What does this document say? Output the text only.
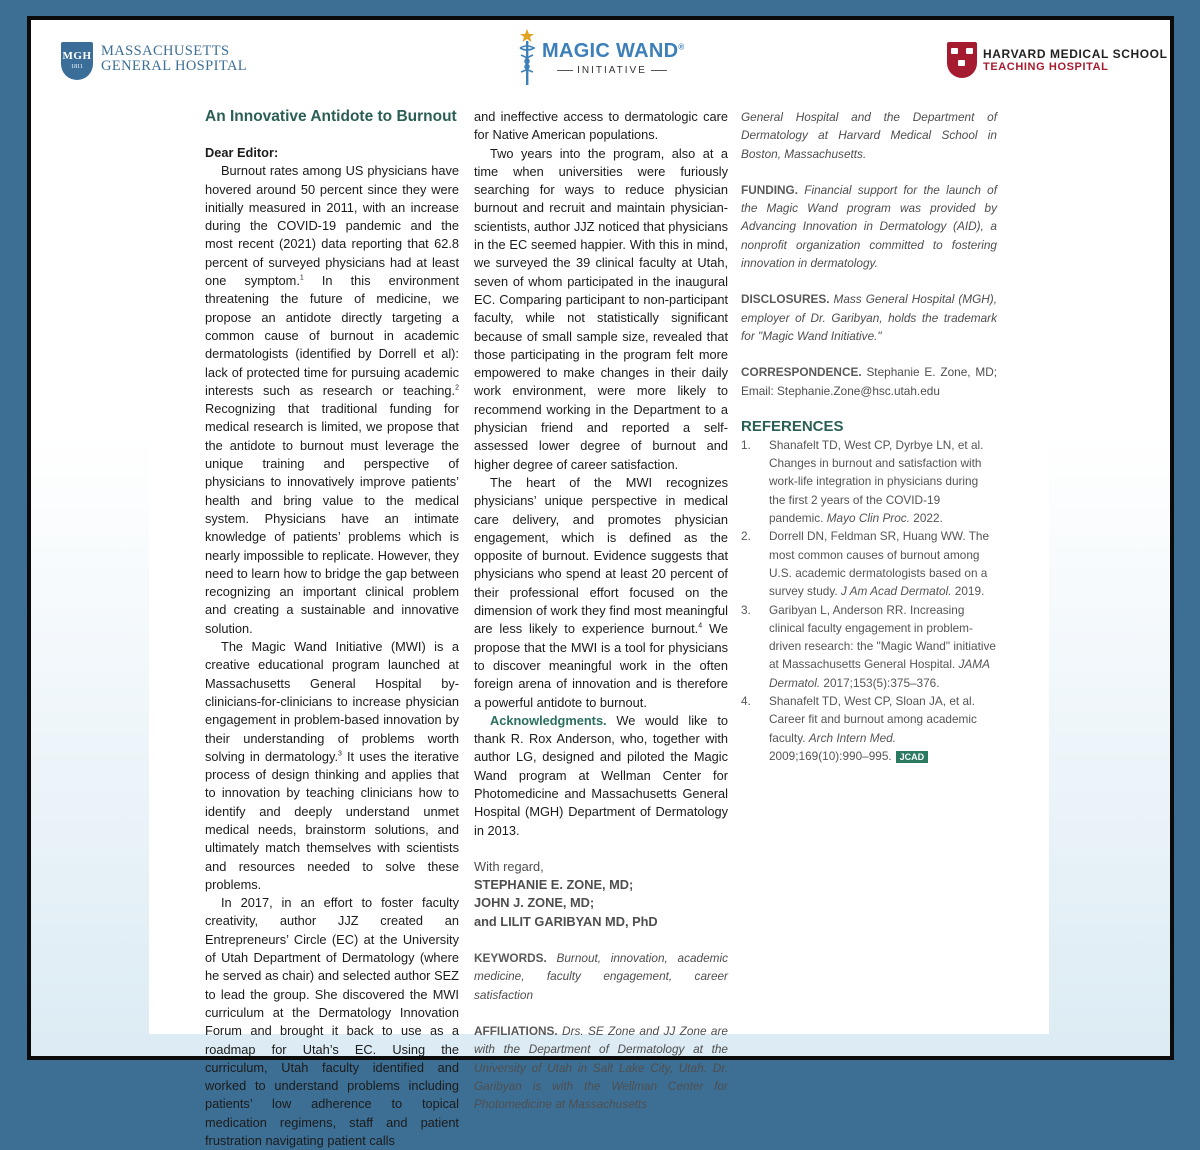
MGH
1811
MASSACHUSETTS
GENERAL HOSPITAL
MAGIC WAND®
INITIATIVE
HARVARD MEDICAL SCHOOL
TEACHING HOSPITAL
An Innovative Antidote to Burnout

Dear Editor:

Burnout rates among US physicians have hovered around 50 percent since they were initially measured in 2011, with an increase during the COVID-19 pandemic and the most recent (2021) data reporting that 62.8 percent of surveyed physicians had at least one symptom.$^1$ In this environment threatening the future of medicine, we propose an antidote directly targeting a common cause of burnout in academic dermatologists (identified by Dorrell et al): lack of protected time for pursuing academic interests such as research or teaching.$^2$ Recognizing that traditional funding for medical research is limited, we propose that the antidote to burnout must leverage the unique training and perspective of physicians to innovatively improve patients’ health and bring value to the medical system. Physicians have an intimate knowledge of patients’ problems which is nearly impossible to replicate. However, they need to learn how to bridge the gap between recognizing an important clinical problem and creating a sustainable and innovative solution.

The Magic Wand Initiative (MWI) is a creative educational program launched at Massachusetts General Hospital by-clinicians-for-clinicians to increase physician engagement in problem-based innovation by their understanding of problems worth solving in dermatology.$^3$ It uses the iterative process of design thinking and applies that to innovation by teaching clinicians how to identify and deeply understand unmet medical needs, brainstorm solutions, and ultimately match themselves with scientists and resources needed to solve these problems.

In 2017, in an effort to foster faculty creativity, author JJZ created an Entrepreneurs’ Circle (EC) at the University of Utah Department of Dermatology (where he served as chair) and selected author SEZ to lead the group. She discovered the MWI curriculum at the Dermatology Innovation Forum and brought it back to use as a roadmap for Utah’s EC. Using the curriculum, Utah faculty identified and worked to understand problems including patients’ low adherence to topical medication regimens, staff and patient frustration navigating patient calls

and ineffective access to dermatologic care for Native American populations.

Two years into the program, also at a time when universities were furiously searching for ways to reduce physician burnout and recruit and maintain physician-scientists, author JJZ noticed that physicians in the EC seemed happier. With this in mind, we surveyed the 39 clinical faculty at Utah, seven of whom participated in the inaugural EC. Comparing participant to non-participant faculty, while not statistically significant because of small sample size, revealed that those participating in the program felt more empowered to make changes in their daily work environment, were more likely to recommend working in the Department to a physician friend and reported a self-assessed lower degree of burnout and higher degree of career satisfaction.

The heart of the MWI recognizes physicians’ unique perspective in medical care delivery, and promotes physician engagement, which is defined as the opposite of burnout. Evidence suggests that physicians who spend at least 20 percent of their professional effort focused on the dimension of work they find most meaningful are less likely to experience burnout.$^4$ We propose that the MWI is a tool for physicians to discover meaningful work in the often foreign arena of innovation and is therefore a powerful antidote to burnout.

Acknowledgments. We would like to thank R. Rox Anderson, who, together with author LG, designed and piloted the Magic Wand program at Wellman Center for Photomedicine and Massachusetts General Hospital (MGH) Department of Dermatology in 2013.

With regard,

STEPHANIE E. ZONE, MD;

JOHN J. ZONE, MD;

and LILIT GARIBYAN MD, PhD

KEYWORDS. Burnout, innovation, academic medicine, faculty engagement, career satisfaction

AFFILIATIONS. Drs. SE Zone and JJ Zone are with the Department of Dermatology at the University of Utah in Salt Lake City, Utah. Dr. Garibyan is with the Wellman Center for Photomedicine at Massachusetts

General Hospital and the Department of Dermatology at Harvard Medical School in Boston, Massachusetts.

FUNDING. Financial support for the launch of the Magic Wand program was provided by Advancing Innovation in Dermatology (AID), a nonprofit organization committed to fostering innovation in dermatology.

DISCLOSURES. Mass General Hospital (MGH), employer of Dr. Garibyan, holds the trademark for "Magic Wand Initiative."

CORRESPONDENCE. Stephanie E. Zone, MD; Email: Stephanie.Zone@hsc.utah.edu

REFERENCES

1. Shanafelt TD, West CP, Dyrbye LN, et al. Changes in burnout and satisfaction with work-life integration in physicians during the first 2 years of the COVID-19 pandemic. Mayo Clin Proc. 2022.
2. Dorrell DN, Feldman SR, Huang WW. The most common causes of burnout among U.S. academic dermatologists based on a survey study. J Am Acad Dermatol. 2019.
3. Garibyan L, Anderson RR. Increasing clinical faculty engagement in problem-driven research: the "Magic Wand" initiative at Massachusetts General Hospital. JAMA Dermatol. 2017;153(5):375–376.
4. Shanafelt TD, West CP, Sloan JA, et al. Career fit and burnout among academic faculty. Arch Intern Med. 2009;169(10):990–995. JCAD
